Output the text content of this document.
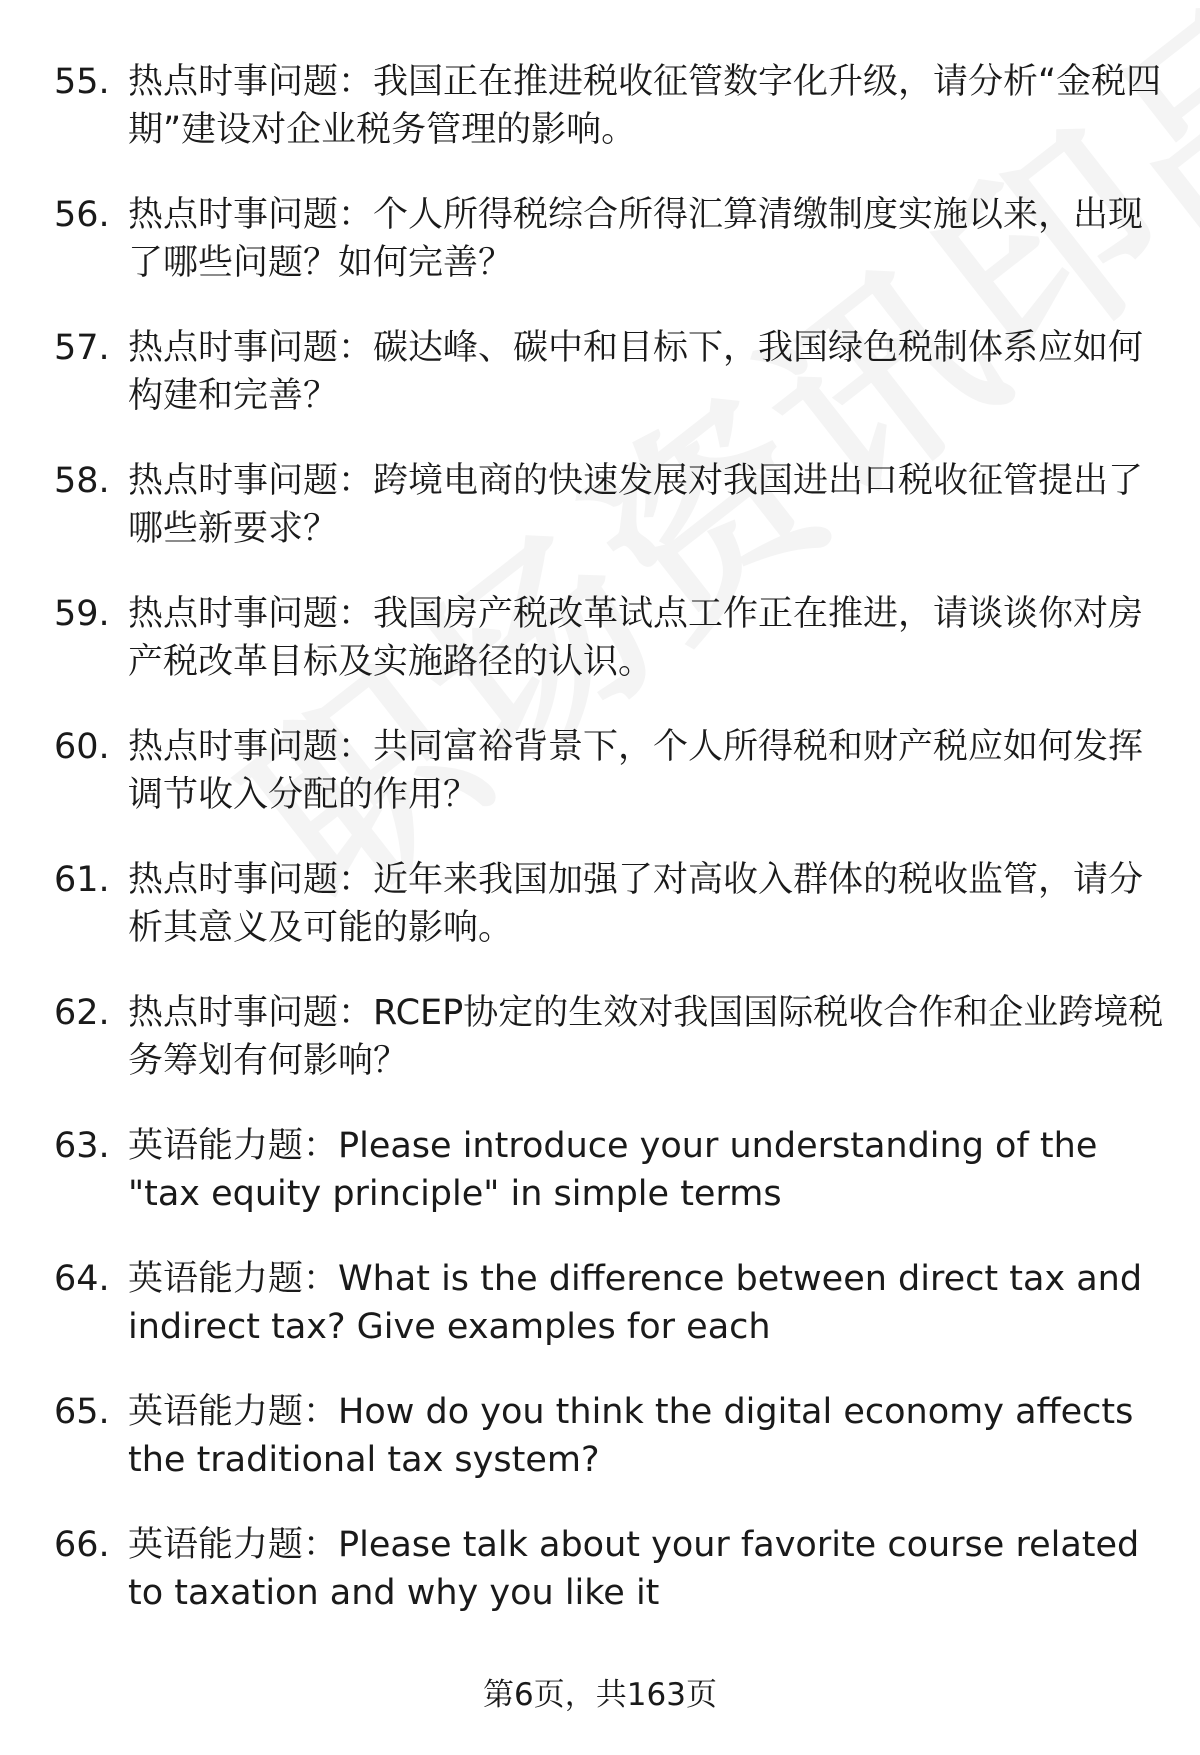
55. 热点时事问题：我国正在推进税收征管数字化升级，请分析“金税四期”建设对企业税务管理的影响。
56. 热点时事问题：个人所得税综合所得汇算清缴制度实施以来，出现了哪些问题？如何完善？
57. 热点时事问题：碳达峰、碳中和目标下，我国绿色税制体系应如何构建和完善？
58. 热点时事问题：跨境电商的快速发展对我国进出口税收征管提出了哪些新要求？
59. 热点时事问题：我国房产税改革试点工作正在推进，请谈谈你对房产税改革目标及实施路径的认识。
60. 热点时事问题：共同富裕背景下，个人所得税和财产税应如何发挥调节收入分配的作用？
61. 热点时事问题：近年来我国加强了对高收入群体的税收监管，请分析其意义及可能的影响。
62. 热点时事问题：RCEP协定的生效对我国国际税收合作和企业跨境税务筹划有何影响？
63. 英语能力题：Please introduce your understanding of the "tax equity principle" in simple terms
64. 英语能力题：What is the difference between direct tax and indirect tax? Give examples for each
65. 英语能力题：How do you think the digital economy affects the traditional tax system?
66. 英语能力题：Please talk about your favorite course related to taxation and why you like it
第6页，共163页
